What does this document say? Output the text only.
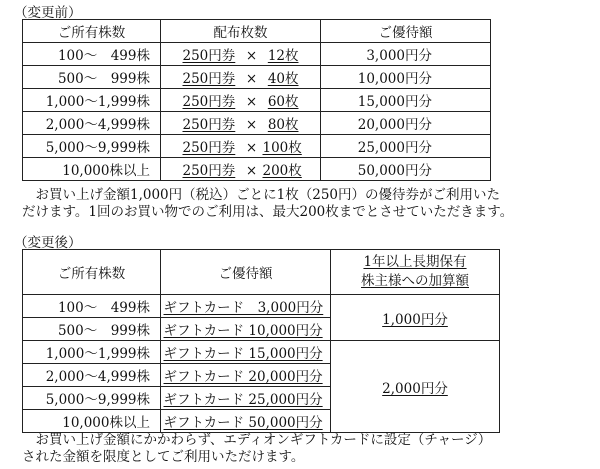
（変更前）
ご所有株数	配布枚数	ご優待額
100～　499株	250円券 × 12枚	3,000円分
500～　999株	250円券 × 40枚	10,000円分
1,000～1,999株	250円券 × 60枚	15,000円分
2,000～4,999株	250円券 × 80枚	20,000円分
5,000～9,999株	250円券 × 100枚	25,000円分
10,000株以上	250円券 × 200枚	50,000円分
　お買い上げ金額1,000円（税込）ごとに1枚（250円）の優待券がご利用いた
だけます。1回のお買い物でのご利用は、最大200枚までとさせていただきます。
（変更後）
ご所有株数	ご優待額	1年以上長期保有
株主様への加算額

100～　499株	ギフトカード　3,000円分	1,000円分
500～　999株	ギフトカード 10,000円分	
1,000～1,999株	ギフトカード 15,000円分	2,000円分
2,000～4,999株	ギフトカード 20,000円分	
5,000～9,999株	ギフトカード 25,000円分	
10,000株以上	ギフトカード 50,000円分	
　お買い上げ金額にかかわらず、エディオンギフトカードに設定（チャージ）
された金額を限度としてご利用いただけます。
